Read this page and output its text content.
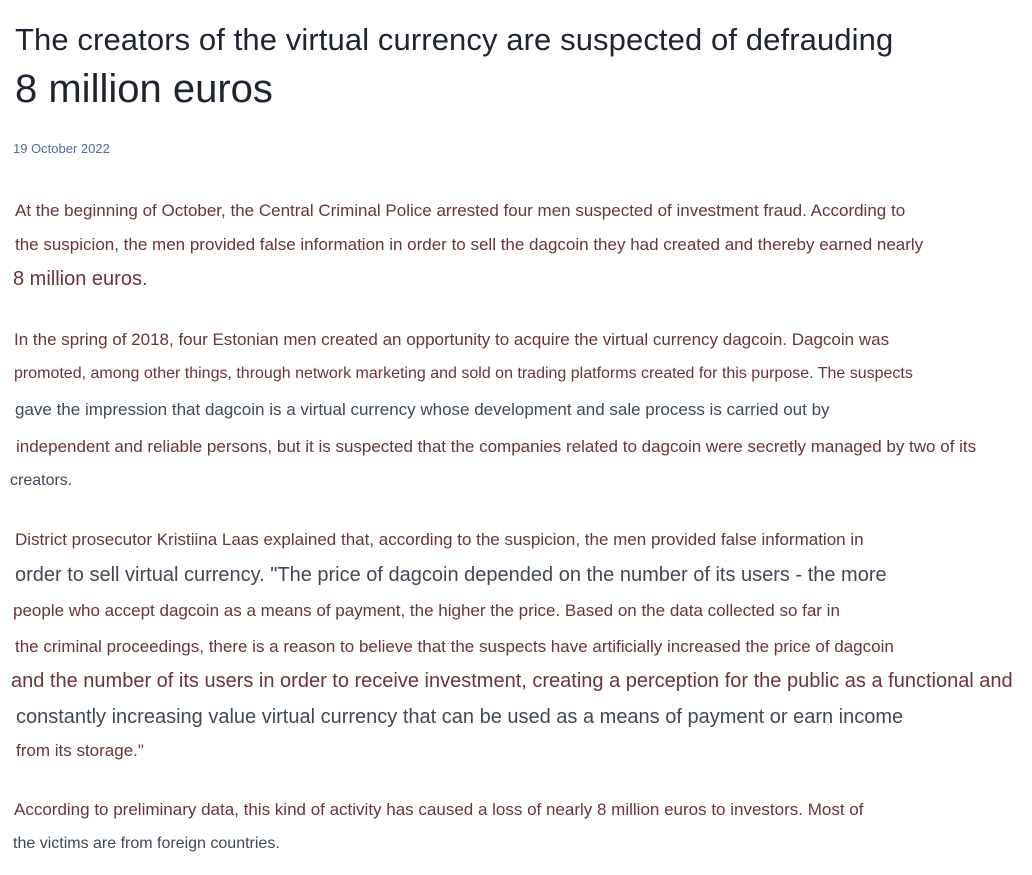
The creators of the virtual currency are suspected of defrauding
8 million euros
19 October 2022
At the beginning of October, the Central Criminal Police arrested four men suspected of investment fraud. According to
the suspicion, the men provided false information in order to sell the dagcoin they had created and thereby earned nearly
8 million euros.
In the spring of 2018, four Estonian men created an opportunity to acquire the virtual currency dagcoin. Dagcoin was
promoted, among other things, through network marketing and sold on trading platforms created for this purpose. The suspects
gave the impression that dagcoin is a virtual currency whose development and sale process is carried out by
independent and reliable persons, but it is suspected that the companies related to dagcoin were secretly managed by two of its
creators.
District prosecutor Kristiina Laas explained that, according to the suspicion, the men provided false information in
order to sell virtual currency. "The price of dagcoin depended on the number of its users - the more
people who accept dagcoin as a means of payment, the higher the price. Based on the data collected so far in
the criminal proceedings, there is a reason to believe that the suspects have artificially increased the price of dagcoin
and the number of its users in order to receive investment, creating a perception for the public as a functional and
constantly increasing value virtual currency that can be used as a means of payment or earn income
from its storage."
According to preliminary data, this kind of activity has caused a loss of nearly 8 million euros to investors. Most of
the victims are from foreign countries.
